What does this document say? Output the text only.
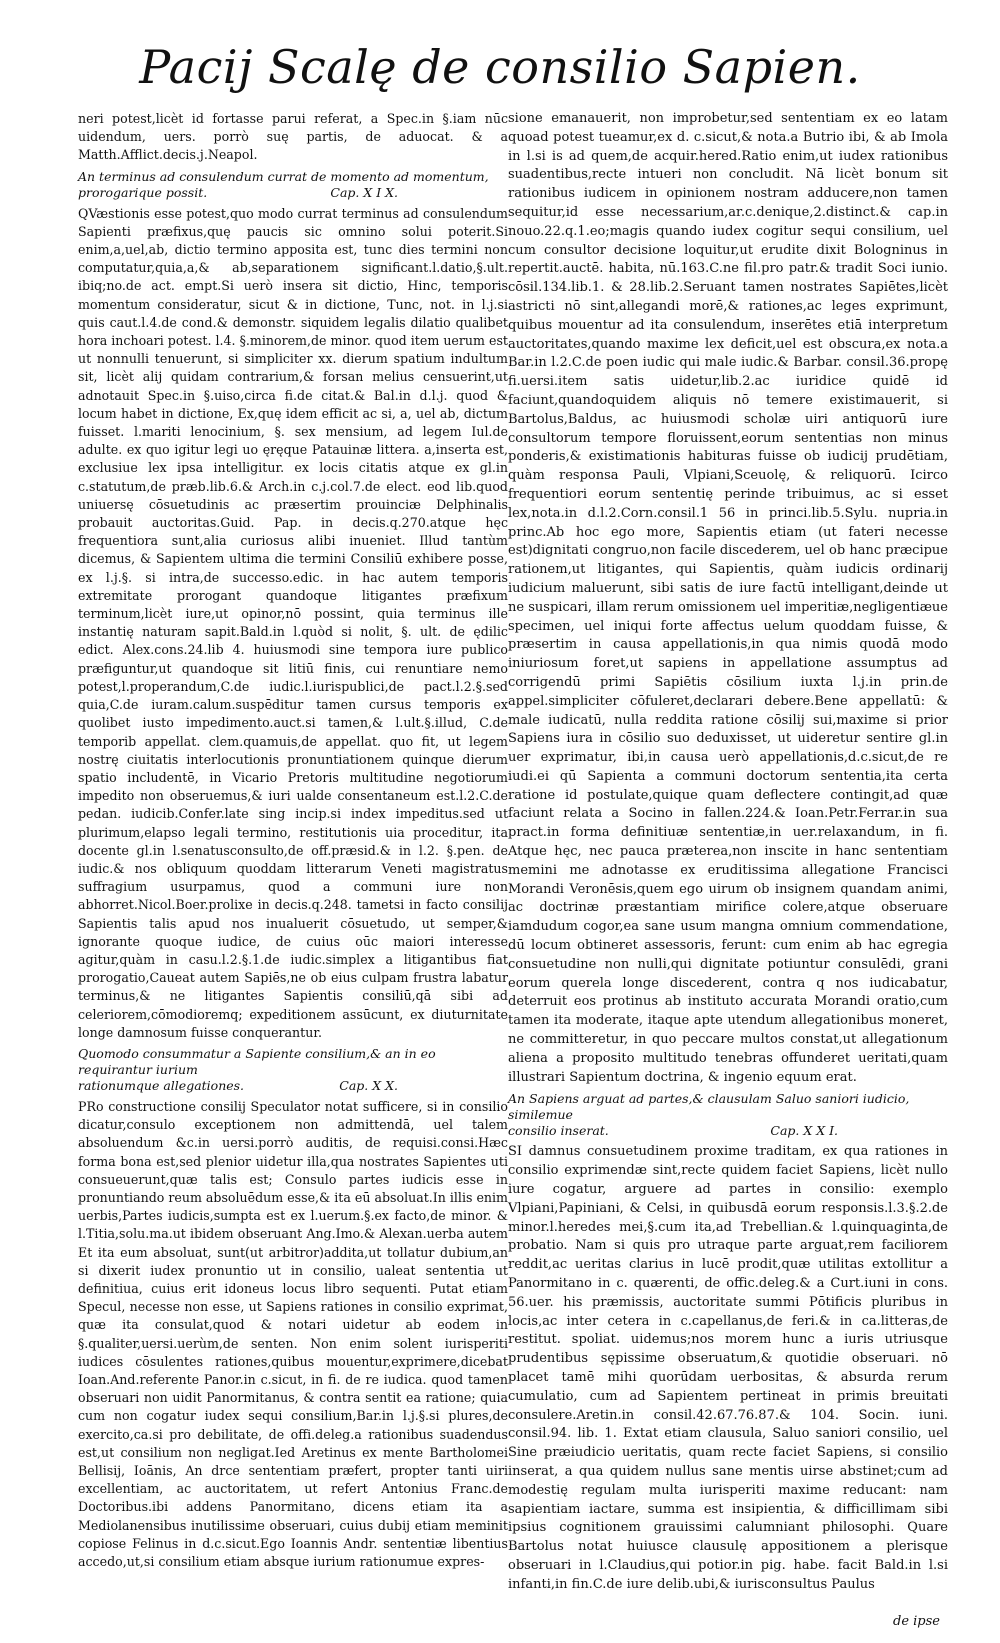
Pacij Scalę de consilio Sapien.

neri potest,licèt id fortasse parui referat, a Spec.in §.iam nūc uidendum, uers. porrò suę partis, de aduocat. & a Matth.Afflict.decis.j.Neapol.

An terminus ad consulendum currat de momento ad momentum,
prorogarique possit.	Cap. X I X.

QVæstionis esse potest,quo modo currat terminus ad consulendum Sapienti præfixus,quę paucis sic omnino solui poterit.Si enim,a,uel,ab, dictio termino apposita est, tunc dies termini non computatur,quia,a,& ab,separationem significant.l.datio,§.ult. ibiq;no.de act. empt.Si uerò insera sit dictio, Hinc, temporis momentum consideratur, sicut & in dictione, Tunc, not. in l.j.si quis caut.l.4.de cond.& demonstr. siquidem legalis dilatio qualibet hora inchoari potest. l.4. §.minorem,de minor. quod item uerum est ut nonnulli tenuerunt, si simpliciter xx. dierum spatium indultum sit, licèt alij quidam contrarium,& forsan melius censuerint,ut adnotauit Spec.in §.uiso,circa fi.de citat.& Bal.in d.l.j. quod & locum habet in dictione, Ex,quę idem efficit ac si, a, uel ab, dictum fuisset. l.mariti lenocinium, §. sex mensium, ad legem Iul.de adulte. ex quo igitur legi uo ęręque Patauinæ littera. a,inserta est, exclusiue lex ipsa intelligitur. ex locis citatis atque ex gl.in c.statutum,de præb.lib.6.& Arch.in c.j.col.7.de elect. eod lib.quod uniuersę cōsuetudinis ac præsertim prouinciæ Delphinalis probauit auctoritas.Guid. Pap. in decis.q.270.atque hęc frequentiora sunt,alia curiosus alibi inueniet. Illud tantùm dicemus, & Sapientem ultima die termini Consiliū exhibere posse, ex l.j.§. si intra,de successo.edic. in hac autem temporis extremitate prorogant quandoque litigantes præfixum terminum,licèt iure,ut opinor,nō possint, quia terminus ille instantię naturam sapit.Bald.in l.quòd si nolit, §. ult. de ędilic edict. Alex.cons.24.lib 4. huiusmodi sine tempora iure publico præfiguntur,ut quandoque sit litiū finis, cui renuntiare nemo potest,l.properandum,C.de iudic.l.iurispublici,de pact.l.2.§.sed quia,C.de iuram.calum.suspēditur tamen cursus temporis ex quolibet iusto impedimento.auct.si tamen,& l.ult.§.illud, C.de temporib appellat. clem.quamuis,de appellat. quo fit, ut legem nostrę ciuitatis interlocutionis pronuntiationem quinque dierum spatio includentē, in Vicario Pretoris multitudine negotiorum impedito non obseruemus,& iuri ualde consentaneum est.l.2.C.de pedan. iudicib.Confer.late sing incip.si index impeditus.sed ut plurimum,elapso legali termino, restitutionis uia proceditur, ita docente gl.in l.senatusconsulto,de off.præsid.& in l.2. §.pen. de iudic.& nos obliquum quoddam litterarum Veneti magistratus suffragium usurpamus, quod a communi iure non abhorret.Nicol.Boer.prolixe in decis.q.248. tametsi in facto consilij Sapientis talis apud nos inualuerit cōsuetudo, ut semper,& ignorante quoque iudice, de cuius oūc maiori interesse agitur,quàm in casu.l.2.§.1.de iudic.simplex a litigantibus fiat prorogatio,Caueat autem Sapiēs,ne ob eius culpam frustra labatur terminus,& ne litigantes Sapientis consiliū,qā sibi ad celeriorem,cōmodioremq; expeditionem assūcunt, ex diuturnitate longe damnosum fuisse conquerantur.

Quomodo consummatur a Sapiente consilium,& an in eo requirantur iurium
rationumque allegationes.	Cap. X X.

PRo constructione consilij Speculator notat sufficere, si in consilio dicatur,consulo exceptionem non admittendā, uel talem absoluendum &c.in uersi.porrò auditis, de requisi.consi.Hæc forma bona est,sed plenior uidetur illa,qua nostrates Sapientes uti consueuerunt,quæ talis est; Consulo partes iudicis esse in pronuntiando reum absoluēdum esse,& ita eū absoluat.In illis enim uerbis,Partes iudicis,sumpta est ex l.uerum.§.ex facto,de minor. & l.Titia,solu.ma.ut ibidem obseruant Ang.Imo.& Alexan.uerba autem Et ita eum absoluat, sunt(ut arbitror)addita,ut tollatur dubium,an si dixerit iudex pronuntio ut in consilio, ualeat sententia ut definitiua, cuius erit idoneus locus libro sequenti. Putat etiam Specul, necesse non esse, ut Sapiens rationes in consilio exprimat, quæ ita consulat,quod & notari uidetur ab eodem in §.qualiter,uersi.uerùm,de senten. Non enim solent iurisperiti iudices cōsulentes rationes,quibus mouentur,exprimere,dicebat Ioan.And.referente Panor.in c.sicut, in fi. de re iudica. quod tamen obseruari non uidit Panormitanus, & contra sentit ea ratione; quia cum non cogatur iudex sequi consilium,Bar.in l.j.§.si plures,de exercito,ca.si pro debilitate, de offi.deleg.a rationibus suadendus est,ut consilium non negligat.Ied Aretinus ex mente Bartholomei Bellisij, Ioānis, An drce sententiam præfert, propter tanti uiri excellentiam, ac auctoritatem, ut refert Antonius Franc.de Doctoribus.ibi addens Panormitano, dicens etiam ita a Mediolanensibus inutilissime obseruari, cuius dubij etiam meminit copiose Felinus in d.c.sicut.Ego Ioannis Andr. sententiæ libentius accedo,ut,si consilium etiam absque iurium rationumue expres-

sione emanauerit, non improbetur,sed sententiam ex eo latam quoad potest tueamur,ex d. c.sicut,& nota.a Butrio ibi, & ab Imola in l.si is ad quem,de acquir.hered.Ratio enim,ut iudex rationibus suadentibus,recte intueri non concludit. Nā licèt bonum sit rationibus iudicem in opinionem nostram adducere,non tamen sequitur,id esse necessarium,ar.c.denique,2.distinct.& cap.in nouo.22.q.1.eo;magis quando iudex cogitur sequi consilium, uel cum consultor decisione loquitur,ut erudite dixit Bologninus in repertit.auctē. habita, nū.163.C.ne fil.pro patr.& tradit Soci iunio. cōsil.134.lib.1. & 28.lib.2.Seruant tamen nostrates Sapiētes,licèt astricti nō sint,allegandi morē,& rationes,ac leges exprimunt, quibus mouentur ad ita consulendum, inserētes etiā interpretum auctoritates,quando maxime lex deficit,uel est obscura,ex nota.a Bar.in l.2.C.de poen iudic qui male iudic.& Barbar. consil.36.propę fi.uersi.item satis uidetur,lib.2.ac iuridice quidē id faciunt,quandoquidem aliquis nō temere existimauerit, si Bartolus,Baldus, ac huiusmodi scholæ uiri antiquorū iure consultorum tempore floruissent,eorum sententias non minus ponderis,& existimationis habituras fuisse ob iudicij prudētiam, quàm responsa Pauli, Vlpiani,Sceuolę, & reliquorū. Icirco frequentiori eorum sententię perinde tribuimus, ac si esset lex,nota.in d.l.2.Corn.consil.1 56 in princi.lib.5.Sylu. nupria.in princ.Ab hoc ego more, Sapientis etiam (ut fateri necesse est)dignitati congruo,non facile discederem, uel ob hanc præcipue rationem,ut litigantes, qui Sapientis, quàm iudicis ordinarij iudicium maluerunt, sibi satis de iure factū intelligant,deinde ut ne suspicari, illam rerum omissionem uel imperitiæ,negligentiæue specimen, uel iniqui forte affectus uelum quoddam fuisse, & præsertim in causa appellationis,in qua nimis quodā modo iniuriosum foret,ut sapiens in appellatione assumptus ad corrigendū primi Sapiētis cōsilium iuxta l.j.in prin.de appel.simpliciter cōfuleret,declarari debere.Bene appellatū: & male iudicatū, nulla reddita ratione cōsilij sui,maxime si prior Sapiens iura in cōsilio suo deduxisset, ut uideretur sentire gl.in uer exprimatur, ibi,in causa uerò appellationis,d.c.sicut,de re iudi.ei qū Sapienta a communi doctorum sententia,ita certa ratione id postulate,quique quam deflectere contingit,ad quæ faciunt relata a Socino in fallen.224.& Ioan.Petr.Ferrar.in sua pract.in forma definitiuæ sententiæ,in uer.relaxandum, in fi. Atque hęc, nec pauca præterea,non inscite in hanc sententiam memini me adnotasse ex eruditissima allegatione Francisci Morandi Veronēsis,quem ego uirum ob insignem quandam animi, ac doctrinæ præstantiam mirifice colere,atque obseruare iamdudum cogor,ea sane usum mangna omnium commendatione, dū locum obtineret assessoris, ferunt: cum enim ab hac egregia consuetudine non nulli,qui dignitate potiuntur consulēdi, grani eorum querela longe discederent, contra q nos iudicabatur, deterruit eos protinus ab instituto accurata Morandi oratio,cum tamen ita moderate, itaque apte utendum allegationibus moneret, ne committeretur, in quo peccare multos constat,ut allegationum aliena a proposito multitudo tenebras offunderet ueritati,quam illustrari Sapientum doctrina, & ingenio equum erat.

An Sapiens arguat ad partes,& clausulam Saluo saniori iudicio, similemue
consilio inserat.	Cap. X X I.

SI damnus consuetudinem proxime traditam, ex qua rationes in consilio exprimendæ sint,recte quidem faciet Sapiens, licèt nullo iure cogatur, arguere ad partes in consilio: exemplo Vlpiani,Papiniani, & Celsi, in quibusdā eorum responsis.l.3.§.2.de minor.l.heredes mei,§.cum ita,ad Trebellian.& l.quinquaginta,de probatio. Nam si quis pro utraque parte arguat,rem faciliorem reddit,ac ueritas clarius in lucē prodit,quæ utilitas extollitur a Panormitano in c. quærenti, de offic.deleg.& a Curt.iuni in cons. 56.uer. his præmissis, auctoritate summi Pōtificis pluribus in locis,ac inter cetera in c.capellanus,de feri.& in ca.litteras,de restitut. spoliat. uidemus;nos morem hunc a iuris utriusque prudentibus sępissime obseruatum,& quotidie obseruari. nō placet tamē mihi quorūdam uerbositas, & absurda rerum cumulatio, cum ad Sapientem pertineat in primis breuitati consulere.Aretin.in consil.42.67.76.87.& 104. Socin. iuni. consil.94. lib. 1. Extat etiam clausula, Saluo saniori consilio, uel Sine præiudicio ueritatis, quam recte faciet Sapiens, si consilio inserat, a qua quidem nullus sane mentis uirse abstinet;cum ad modestię regulam multa iurisperiti maxime reducant: nam sapientiam iactare, summa est insipientia, & difficillimam sibi ipsius cognitionem grauissimi calumniant philosophi. Quare Bartolus notat huiusce clausulę appositionem a plerisque obseruari in l.Claudius,qui potior.in pig. habe. facit Bald.in l.si infanti,in fin.C.de iure delib.ubi,& iurisconsultus Paulus

de ipse
